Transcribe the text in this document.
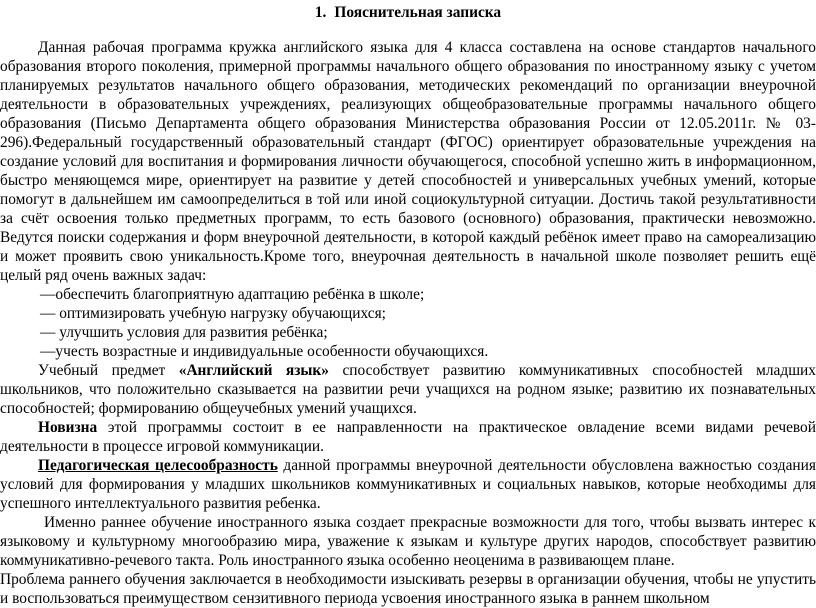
1. Пояснительная записка

Данная рабочая программа кружка английского языка для 4 класса составлена на основе стандартов начального образования второго поколения, примерной программы начального общего образования по иностранному языку с учетом планируемых результатов начального общего образования, методических рекомендаций по организации внеурочной деятельности в образовательных учреждениях, реализующих общеобразовательные программы начального общего образования (Письмо Департамента общего образования Министерства образования России от 12.05.2011г. № 03-296).Федеральный государственный образовательный стандарт (ФГОС) ориентирует образовательные учреждения на создание условий для воспитания и формирования личности обучающегося, способной успешно жить в информационном, быстро меняющемся мире, ориентирует на развитие у детей способностей и универсальных учебных умений, которые помогут в дальнейшем им самоопределиться в той или иной социокультурной ситуации. Достичь такой результативности за счёт освоения только предметных программ, то есть базового (основного) образования, практически невозможно. Ведутся поиски содержания и форм внеурочной деятельности, в которой каждый ребёнок имеет право на самореализацию и может проявить свою уникальность.Кроме того, внеурочная деятельность в начальной школе позволяет решить ещё целый ряд очень важных задач:

—обеспечить благоприятную адаптацию ребёнка в школе;

— оптимизировать учебную нагрузку обучающихся;

— улучшить условия для развития ребёнка;

—учесть возрастные и индивидуальные особенности обучающихся.

Учебный предмет «Английский язык» способствует развитию коммуникативных способностей младших школьников, что положительно сказывается на развитии речи учащихся на родном языке; развитию их познавательных способностей; формированию общеучебных умений учащихся.

Новизна этой программы состоит в ее направленности на практическое овладение всеми видами речевой деятельности в процессе игровой коммуникации.

Педагогическая целесообразность данной программы внеурочной деятельности обусловлена важностью создания условий для формирования у младших школьников коммуникативных и социальных навыков, которые необходимы для успешного интеллектуального развития ребенка.

Именно раннее обучение иностранного языка создает прекрасные возможности для того, чтобы вызвать интерес к языковому и культурному многообразию мира, уважение к языкам и культуре других народов, способствует развитию коммуникативно-речевого такта. Роль иностранного языка особенно неоценима в развивающем плане.

Проблема раннего обучения заключается в необходимости изыскивать резервы в организации обучения, чтобы не упустить и воспользоваться преимуществом сензитивного периода усвоения иностранного языка в раннем школьном
